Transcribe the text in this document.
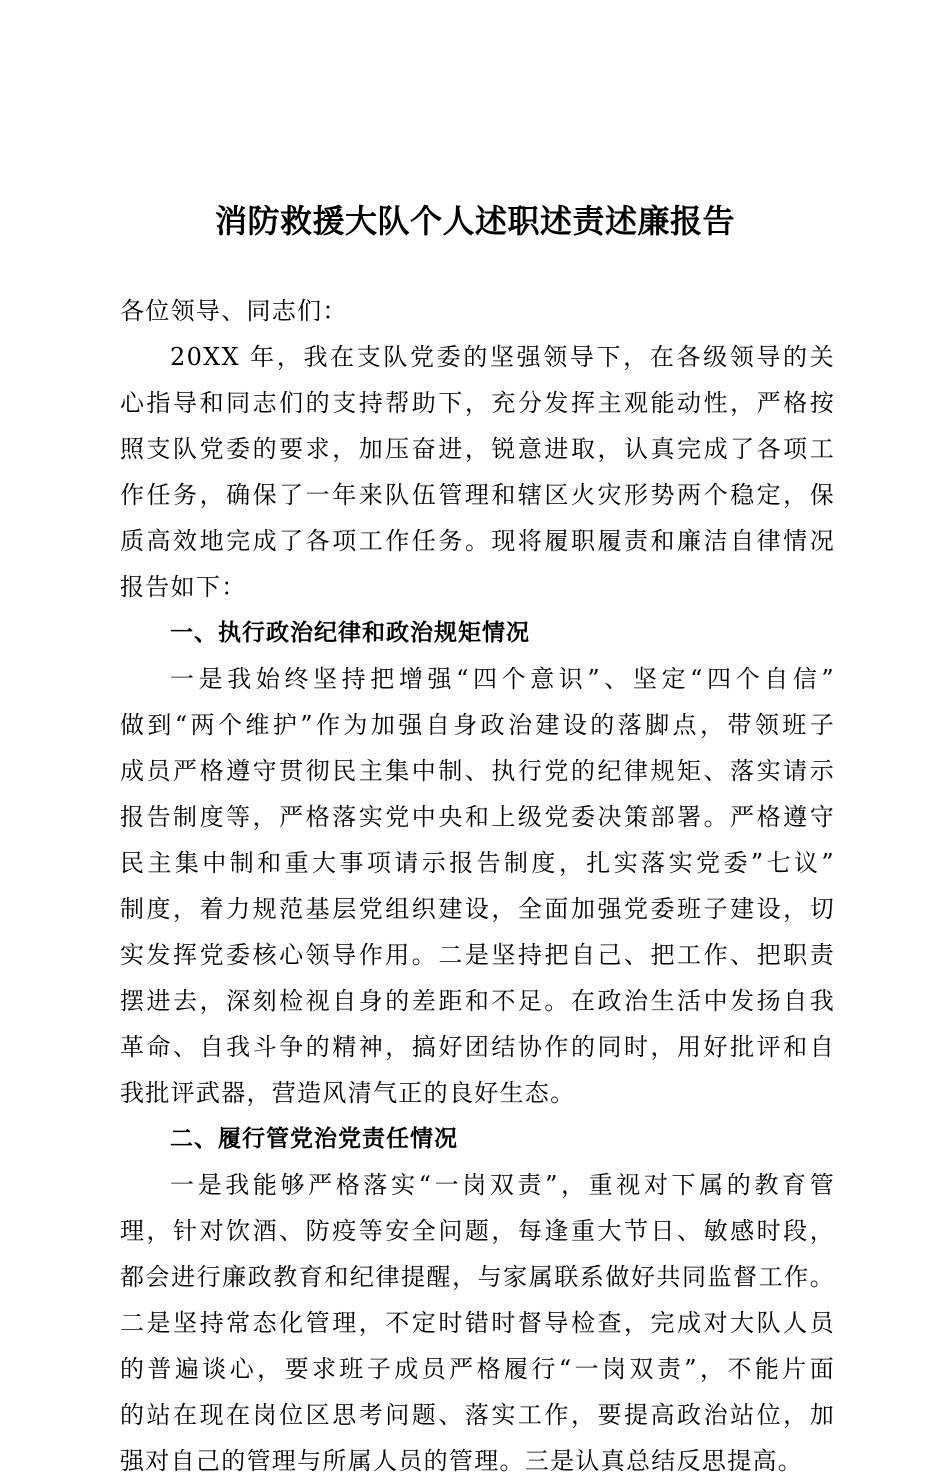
消防救援大队个人述职述责述廉报告
各位领导、同志们：
20XX 年，我在支队党委的坚强领导下，在各级领导的关
心指导和同志们的支持帮助下，充分发挥主观能动性，严格按
照支队党委的要求，加压奋进，锐意进取，认真完成了各项工
作任务，确保了一年来队伍管理和辖区火灾形势两个稳定，保
质高效地完成了各项工作任务。现将履职履责和廉洁自律情况
报告如下：
一、执行政治纪律和政治规矩情况
一是我始终坚持把增强“四个意识”、坚定“四个自信”
做到“两个维护”作为加强自身政治建设的落脚点，带领班子
成员严格遵守贯彻民主集中制、执行党的纪律规矩、落实请示
报告制度等，严格落实党中央和上级党委决策部署。严格遵守
民主集中制和重大事项请示报告制度，扎实落实党委”七议”
制度，着力规范基层党组织建设，全面加强党委班子建设，切
实发挥党委核心领导作用。二是坚持把自己、把工作、把职责
摆进去，深刻检视自身的差距和不足。在政治生活中发扬自我
革命、自我斗争的精神，搞好团结协作的同时，用好批评和自
我批评武器，营造风清气正的良好生态。
二、履行管党治党责任情况
一是我能够严格落实“一岗双责”，重视对下属的教育管
理，针对饮酒、防疫等安全问题，每逢重大节日、敏感时段，
都会进行廉政教育和纪律提醒，与家属联系做好共同监督工作。
二是坚持常态化管理，不定时错时督导检查，完成对大队人员
的普遍谈心，要求班子成员严格履行“一岗双责”，不能片面
的站在现在岗位区思考问题、落实工作，要提高政治站位，加
强对自己的管理与所属人员的管理。三是认真总结反思提高。
